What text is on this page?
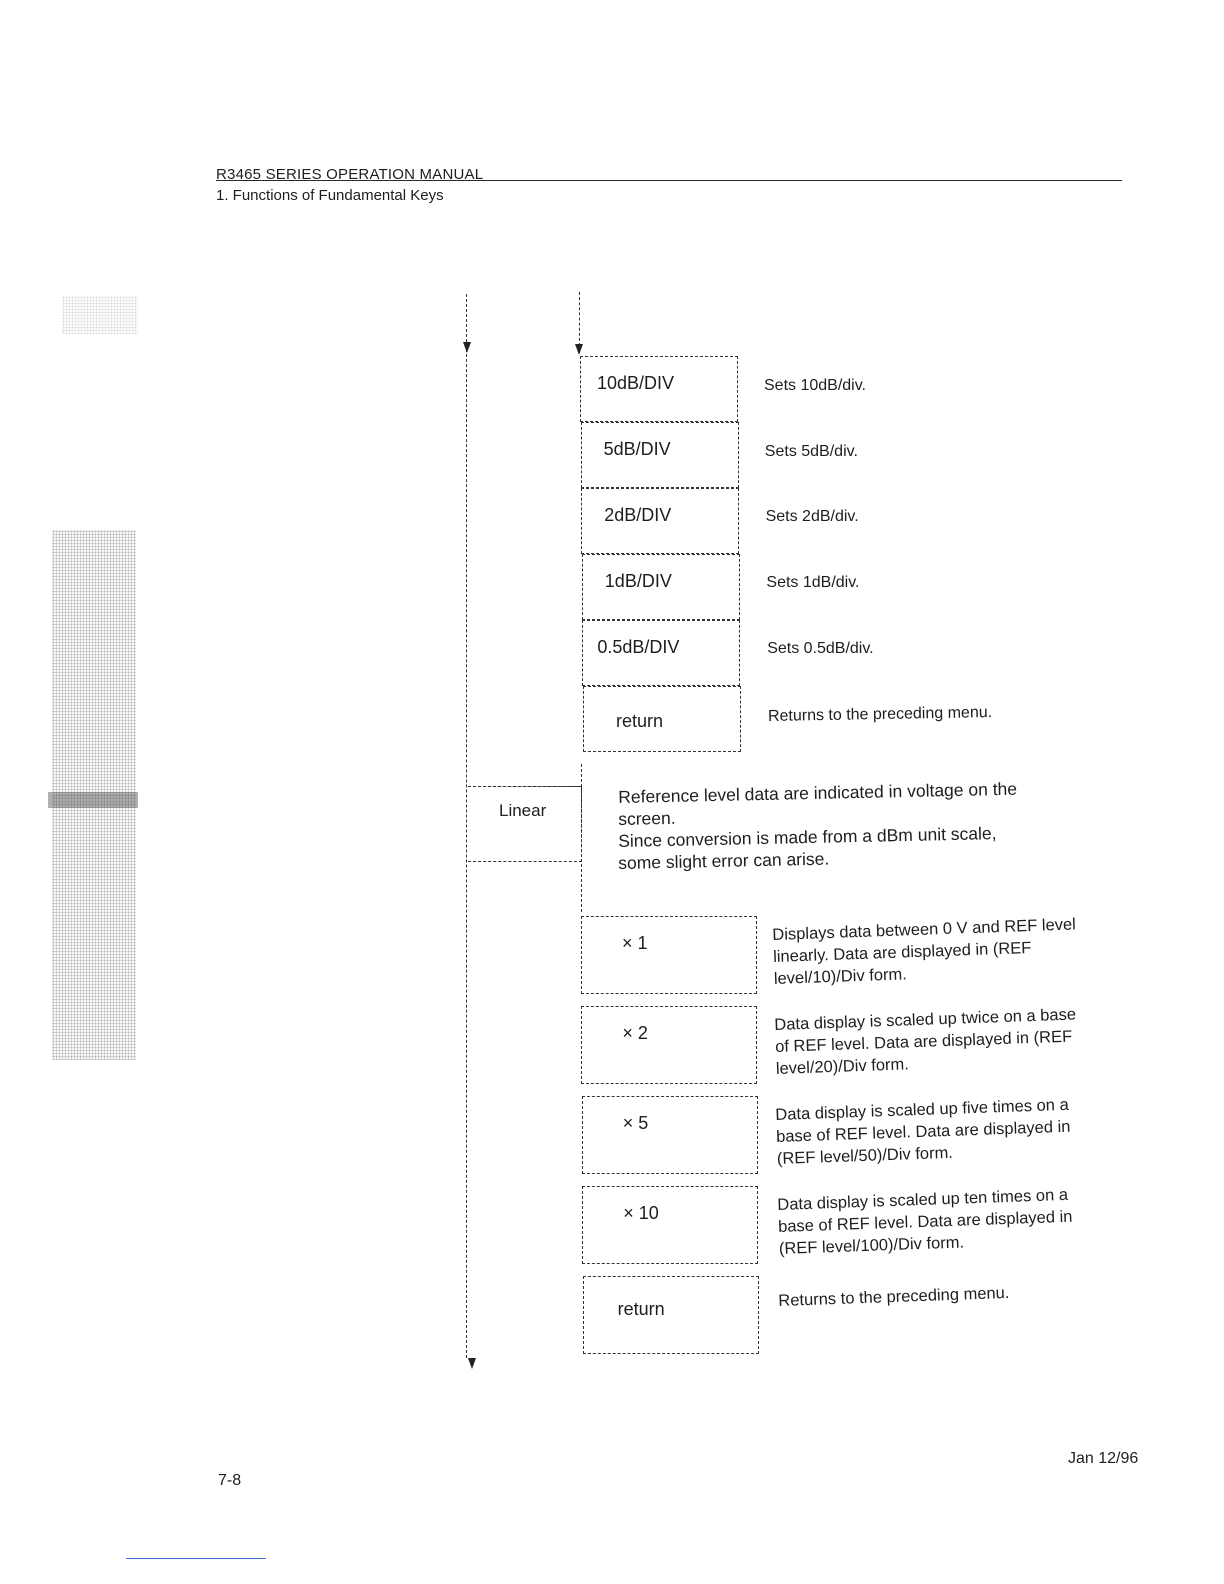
R3465 SERIES OPERATION MANUAL
1. Functions of Fundamental Keys
10dB/DIV	Sets 10dB/div.
5dB/DIV	Sets 5dB/div.
2dB/DIV	Sets 2dB/div.
1dB/DIV	Sets 1dB/div.
0.5dB/DIV	Sets 0.5dB/div.
return	Returns to the preceding menu.
Linear
Reference level data are indicated in voltage on the
screen.
Since conversion is made from a dBm unit scale,
some slight error can arise.
× 1	Displays data between 0 V and REF level
linearly. Data are displayed in (REF
level/10)/Div form.
× 2	Data display is scaled up twice on a base
of REF level. Data are displayed in (REF
level/20)/Div form.
× 5	Data display is scaled up five times on a
base of REF level. Data are displayed in
(REF level/50)/Div form.
× 10	Data display is scaled up ten times on a
base of REF level. Data are displayed in
(REF level/100)/Div form.
return	Returns to the preceding menu.
7-8
Jan 12/96
